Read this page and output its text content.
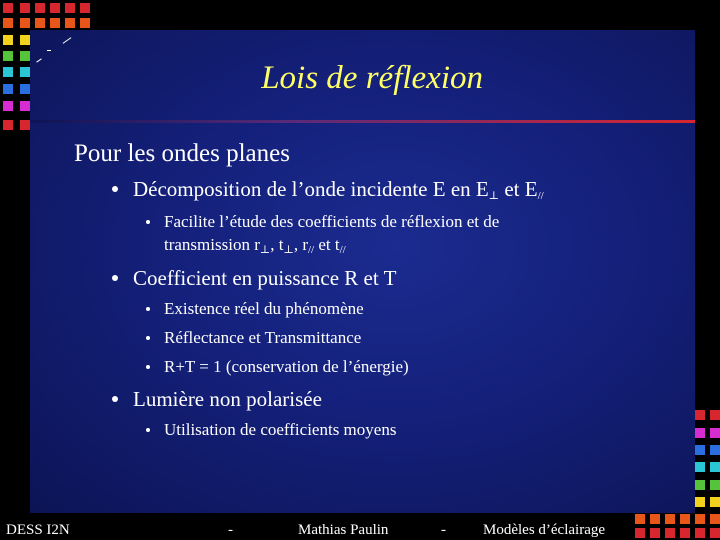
Lois de réflexion
Pour les ondes planes
Décomposition de l’onde incidente E en $E_\perp$ et $E_{//}$
Facilite l’étude des coefficients de réflexion et de
transmission $r_\perp$, $t_\perp$, $r_{//}$ et $t_{//}$
Coefficient en puissance R et T
Existence réel du phénomène
Réflectance et Transmittance
R+T = 1 (conservation de l’énergie)
Lumière non polarisée
Utilisation de coefficients moyens
DESS I2N	-	Mathias Paulin	- Modèles d’éclairage
